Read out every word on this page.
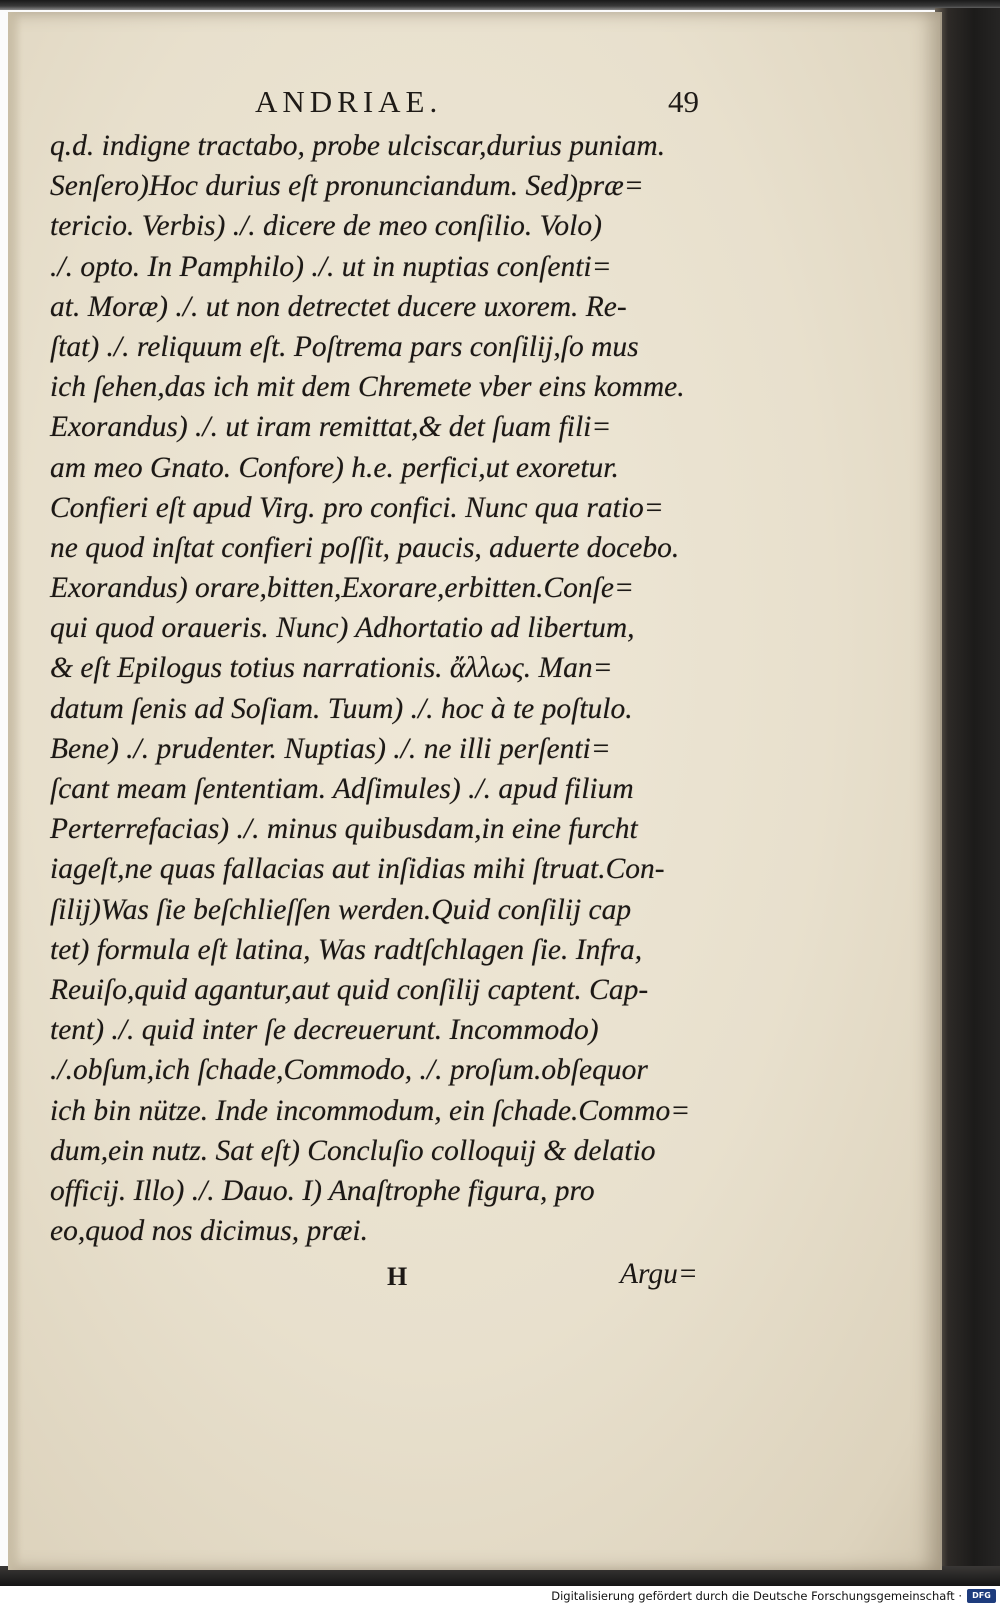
ANDRIAE.	49
q.d. indigne tractabo, probe ulciscar,durius puniam.
Senſero)Hoc durius eſt pronunciandum. Sed)præ=
tericio. Verbis) ./. dicere de meo conſilio. Volo)
./. opto. In Pamphilo) ./. ut in nuptias conſenti=
at. Moræ) ./. ut non detrectet ducere uxorem. Re-
ſtat) ./. reliquum eſt. Poſtrema pars conſilij,ſo mus
ich ſehen,das ich mit dem Chremete vber eins komme.
Exorandus) ./. ut iram remittat,& det ſuam fili=
am meo Gnato. Confore) h.e. perfici,ut exoretur.
Confieri eſt apud Virg. pro confici. Nunc qua ratio=
ne quod inſtat confieri poſſit, paucis, aduerte docebo.
Exorandus) orare,bitten,Exorare,erbitten.Conſe=
qui quod oraueris. Nunc) Adhortatio ad libertum,
& eſt Epilogus totius narrationis. ἄλλως. Man=
datum ſenis ad Soſiam. Tuum) ./. hoc à te poſtulo.
Bene) ./. prudenter. Nuptias) ./. ne illi perſenti=
ſcant meam ſententiam. Adſimules) ./. apud filium
Perterrefacias) ./. minus quibusdam,in eine furcht
iageſt,ne quas fallacias aut inſidias mihi ſtruat.Con-
ſilij)Was ſie beſchlieſſen werden.Quid conſilij cap
tet) formula eſt latina, Was radtſchlagen ſie. Infra,
Reuiſo,quid agantur,aut quid conſilij captent. Cap-
tent) ./. quid inter ſe decreuerunt. Incommodo)
./.obſum,ich ſchade,Commodo, ./. proſum.obſequor
ich bin nütze. Inde incommodum, ein ſchade.Commo=
dum,ein nutz. Sat eſt) Concluſio colloquij & delatio
officij. Illo) ./. Dauo. I) Anaſtrophe figura, pro
eo,quod nos dicimus, præi.
H	Argu=
Digitalisierung gefördert durch die Deutsche Forschungsgemeinschaft ·	DFG
